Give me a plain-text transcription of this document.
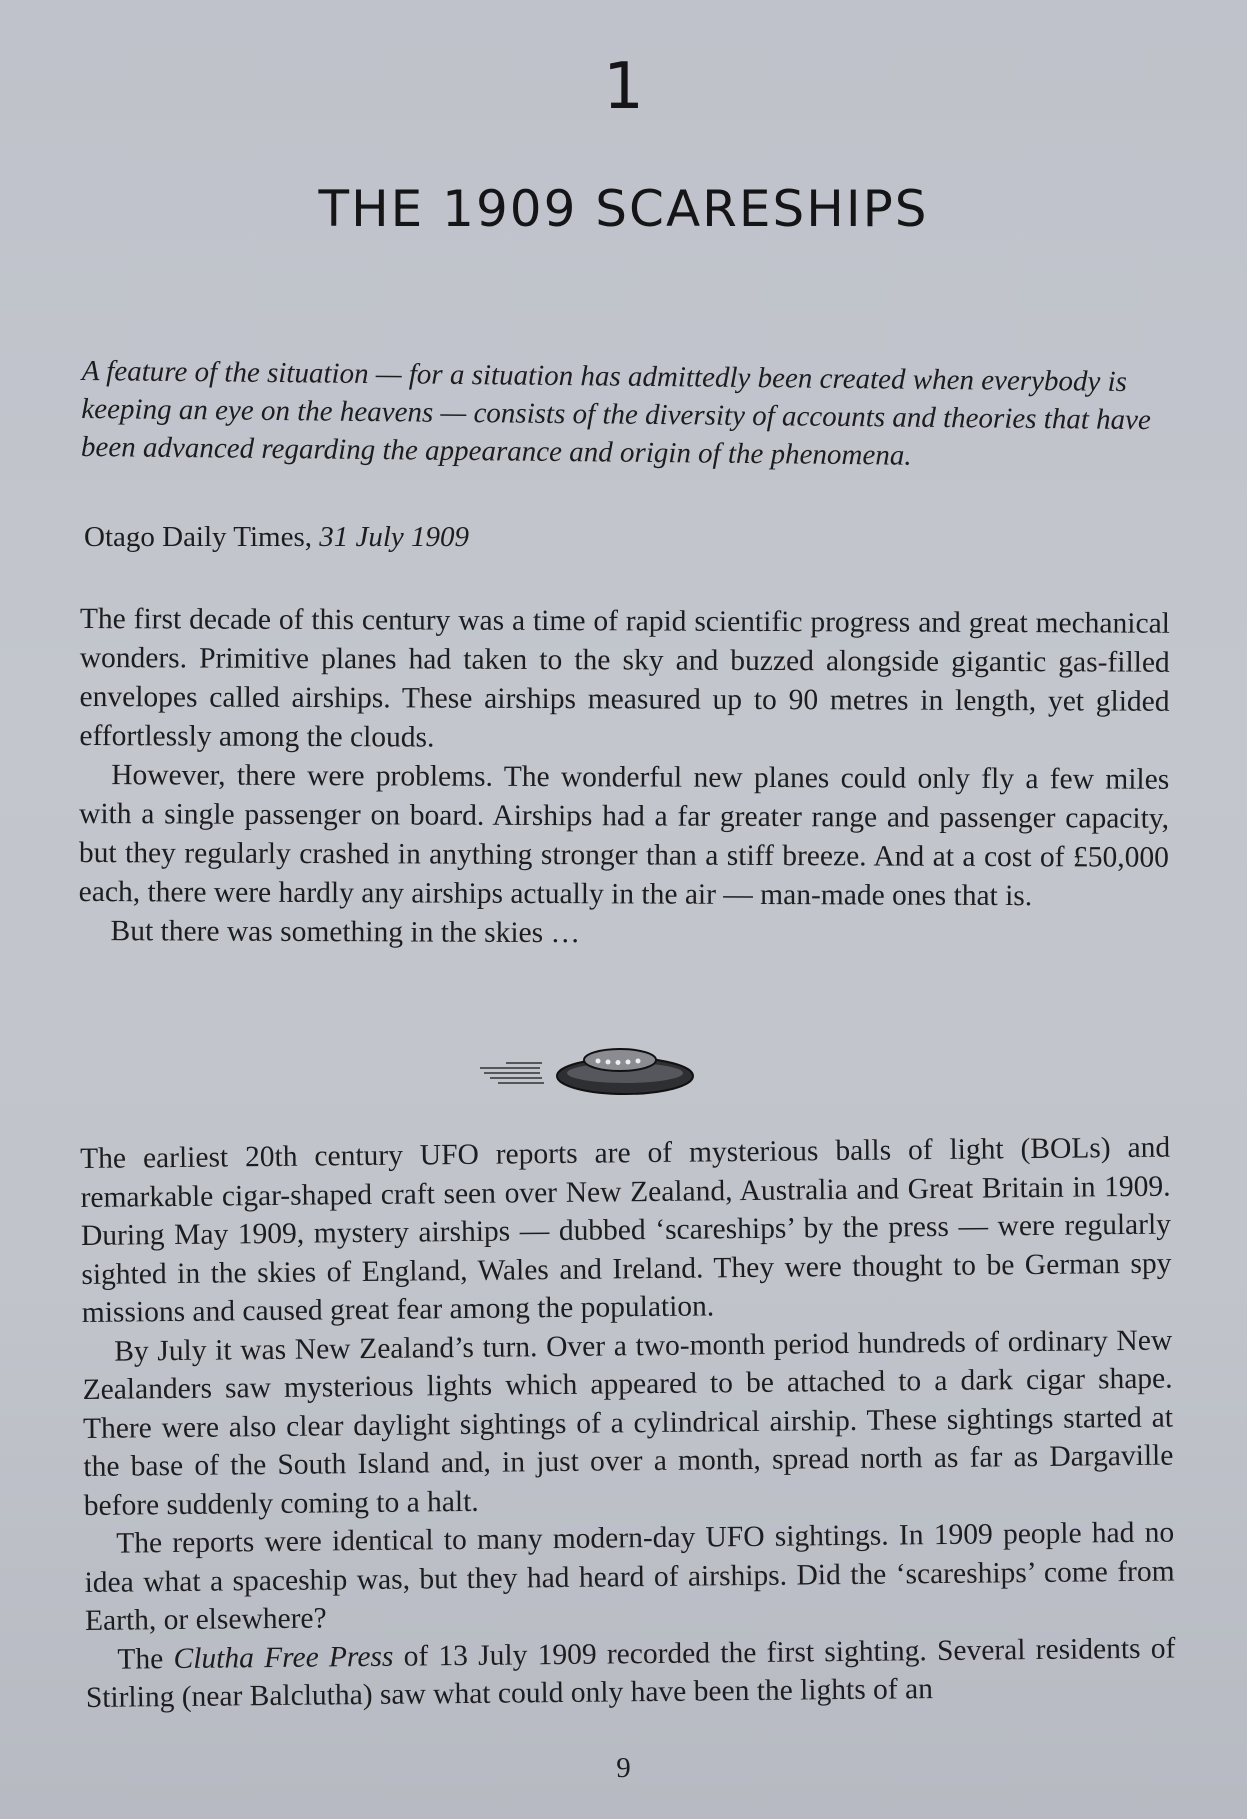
1
THE 1909 SCARESHIPS
A feature of the situation — for a situation has admittedly been created when everybody is keeping an eye on the heavens — consists of the diversity of accounts and theories that have been advanced regarding the appearance and origin of the phenomena.
Otago Daily Times, 31 July 1909

The first decade of this century was a time of rapid scientific progress and great mechanical wonders. Primitive planes had taken to the sky and buzzed alongside gigantic gas-filled envelopes called airships. These airships measured up to 90 metres in length, yet glided effortlessly among the clouds.

However, there were problems. The wonderful new planes could only fly a few miles with a single passenger on board. Airships had a far greater range and passenger capacity, but they regularly crashed in anything stronger than a stiff breeze. And at a cost of £50,000 each, there were hardly any airships actually in the air — man-made ones that is.

But there was something in the skies …

The earliest 20th century UFO reports are of mysterious balls of light (BOLs) and remarkable cigar-shaped craft seen over New Zealand, Australia and Great Britain in 1909. During May 1909, mystery airships — dubbed ‘scareships’ by the press — were regularly sighted in the skies of England, Wales and Ireland. They were thought to be German spy missions and caused great fear among the population.

By July it was New Zealand’s turn. Over a two-month period hundreds of ordinary New Zealanders saw mysterious lights which appeared to be attached to a dark cigar shape. There were also clear daylight sightings of a cylindrical airship. These sightings started at the base of the South Island and, in just over a month, spread north as far as Dargaville before suddenly coming to a halt.

The reports were identical to many modern-day UFO sightings. In 1909 people had no idea what a spaceship was, but they had heard of airships. Did the ‘scareships’ come from Earth, or elsewhere?

The Clutha Free Press of 13 July 1909 recorded the first sighting. Several residents of Stirling (near Balclutha) saw what could only have been the lights of an

9
